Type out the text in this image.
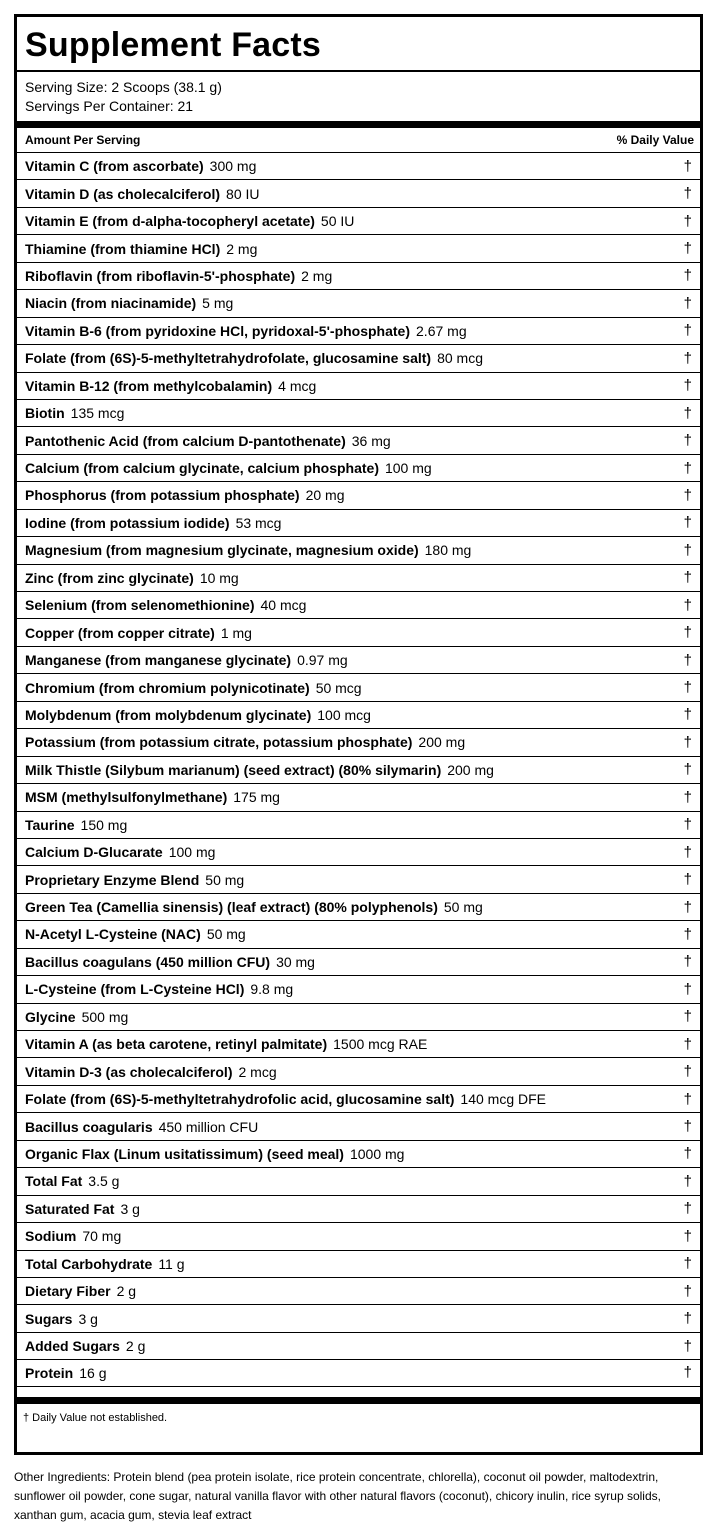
Supplement Facts
Serving Size: 2 Scoops (38.1 g)
Servings Per Container: 21
Amount Per Serving	% Daily Value
Vitamin C (from ascorbate) 300 mg	†
Vitamin D (as cholecalciferol) 80 IU	†
Vitamin E (from d-alpha-tocopheryl acetate) 50 IU	†
Thiamine (from thiamine HCl) 2 mg	†
Riboflavin (from riboflavin-5'-phosphate) 2 mg	†
Niacin (from niacinamide) 5 mg	†
Vitamin B-6 (from pyridoxine HCl, pyridoxal-5'-phosphate) 2.67 mg	†
Folate (from (6S)-5-methyltetrahydrofolate, glucosamine salt) 80 mcg	†
Vitamin B-12 (from methylcobalamin) 4 mcg	†
Biotin 135 mcg	†
Pantothenic Acid (from calcium D-pantothenate) 36 mg	†
Calcium (from calcium glycinate, calcium phosphate) 100 mg	†
Phosphorus (from potassium phosphate) 20 mg	†
Iodine (from potassium iodide) 53 mcg	†
Magnesium (from magnesium glycinate, magnesium oxide) 180 mg	†
Zinc (from zinc glycinate) 10 mg	†
Selenium (from selenomethionine) 40 mcg	†
Copper (from copper citrate) 1 mg	†
Manganese (from manganese glycinate) 0.97 mg	†
Chromium (from chromium polynicotinate) 50 mcg	†
Molybdenum (from molybdenum glycinate) 100 mcg	†
Potassium (from potassium citrate, potassium phosphate) 200 mg	†
Milk Thistle (Silybum marianum) (seed extract) (80% silymarin) 200 mg	†
MSM (methylsulfonylmethane) 175 mg	†
Taurine 150 mg	†
Calcium D-Glucarate 100 mg	†
Proprietary Enzyme Blend 50 mg	†
Green Tea (Camellia sinensis) (leaf extract) (80% polyphenols) 50 mg	†
N-Acetyl L-Cysteine (NAC) 50 mg	†
Bacillus coagulans (450 million CFU) 30 mg	†
L-Cysteine (from L-Cysteine HCl) 9.8 mg	†
Glycine 500 mg	†
Vitamin A (as beta carotene, retinyl palmitate) 1500 mcg RAE	†
Vitamin D-3 (as cholecalciferol) 2 mcg	†
Folate (from (6S)-5-methyltetrahydrofolic acid, glucosamine salt) 140 mcg DFE	†
Bacillus coagularis 450 million CFU	†
Organic Flax (Linum usitatissimum) (seed meal) 1000 mg	†
Total Fat 3.5 g	†
Saturated Fat 3 g	†
Sodium 70 mg	†
Total Carbohydrate 11 g	†
Dietary Fiber 2 g	†
Sugars 3 g	†
Added Sugars 2 g	†
Protein 16 g	†
† Daily Value not established.
Other Ingredients: Protein blend (pea protein isolate, rice protein concentrate, chlorella), coconut oil powder, maltodextrin, sunflower oil powder, cone sugar, natural vanilla flavor with other natural flavors (coconut), chicory inulin, rice syrup solids, xanthan gum, acacia gum, stevia leaf extract
